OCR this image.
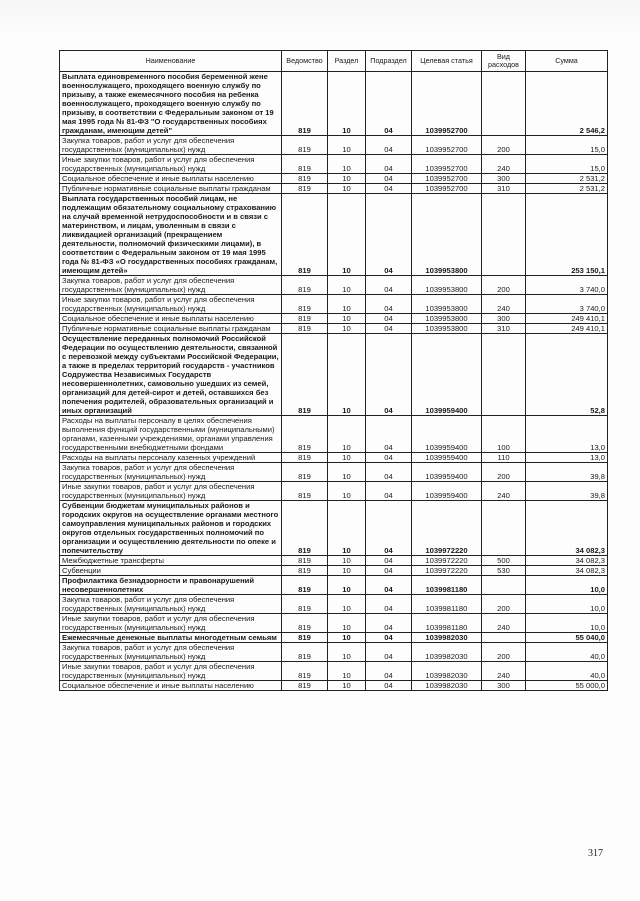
Наименование	Ведомство	Раздел	Подраздел	Целевая статья	Вид расходов	Сумма
Выплата единовременного пособия беременной жене военнослужащего, проходящего военную службу по призыву, а также ежемесячного пособия на ребенка военнослужащего, проходящего военную службу по призыву, в соответствии с Федеральным законом от 19 мая 1995 года № 81-ФЗ "О государственных пособиях гражданам, имеющим детей"	819	10	04	1039952700		2 546,2
Закупка товаров, работ и услуг для обеспечения государственных (муниципальных) нужд	819	10	04	1039952700	200	15,0
Иные закупки товаров, работ и услуг для обеспечения государственных (муниципальных) нужд	819	10	04	1039952700	240	15,0
Социальное обеспечение и иные выплаты населению	819	10	04	1039952700	300	2 531,2
Публичные нормативные социальные выплаты гражданам	819	10	04	1039952700	310	2 531,2
Выплата государственных пособий лицам, не подлежащим обязательному социальному страхованию на случай временной нетрудоспособности и в связи с материнством, и лицам, уволенным в связи с ликвидацией организаций (прекращением деятельности, полномочий физическими лицами), в соответствии с Федеральным законом от 19 мая 1995 года № 81-ФЗ «О государственных пособиях гражданам, имеющим детей»	819	10	04	1039953800		253 150,1
Закупка товаров, работ и услуг для обеспечения государственных (муниципальных) нужд	819	10	04	1039953800	200	3 740,0
Иные закупки товаров, работ и услуг для обеспечения государственных (муниципальных) нужд	819	10	04	1039953800	240	3 740,0
Социальное обеспечение и иные выплаты населению	819	10	04	1039953800	300	249 410,1
Публичные нормативные социальные выплаты гражданам	819	10	04	1039953800	310	249 410,1
Осуществление переданных полномочий Российской Федерации по осуществлению деятельности, связанной с перевозкой между субъектами Российской Федерации, а также в пределах территорий государств - участников Содружества Независимых Государств несовершеннолетних, самовольно ушедших из семей, организаций для детей-сирот и детей, оставшихся без попечения родителей, образовательных организаций и иных организаций	819	10	04	1039959400		52,8
Расходы на выплаты персоналу в целях обеспечения выполнения функций государственными (муниципальными) органами, казенными учреждениями, органами управления государственными внебюджетными фондами	819	10	04	1039959400	100	13,0
Расходы на выплаты персоналу казенных учреждений	819	10	04	1039959400	110	13,0
Закупка товаров, работ и услуг для обеспечения государственных (муниципальных) нужд	819	10	04	1039959400	200	39,8
Иные закупки товаров, работ и услуг для обеспечения государственных (муниципальных) нужд	819	10	04	1039959400	240	39,8
Субвенции бюджетам муниципальных районов и городских округов на осуществление органами местного самоуправления муниципальных районов и городских округов отдельных государственных полномочий по организации и осуществлению деятельности по опеке и попечительству	819	10	04	1039972220		34 082,3
Межбюджетные трансферты	819	10	04	1039972220	500	34 082,3
Субвенции	819	10	04	1039972220	530	34 082,3
Профилактика безнадзорности и правонарушений несовершеннолетних	819	10	04	1039981180		10,0
Закупка товаров, работ и услуг для обеспечения государственных (муниципальных) нужд	819	10	04	1039981180	200	10,0
Иные закупки товаров, работ и услуг для обеспечения государственных (муниципальных) нужд	819	10	04	1039981180	240	10,0
Ежемесячные денежные выплаты многодетным семьям	819	10	04	1039982030		55 040,0
Закупка товаров, работ и услуг для обеспечения государственных (муниципальных) нужд	819	10	04	1039982030	200	40,0
Иные закупки товаров, работ и услуг для обеспечения государственных (муниципальных) нужд	819	10	04	1039982030	240	40,0
Социальное обеспечение и иные выплаты населению	819	10	04	1039982030	300	55 000,0
317
